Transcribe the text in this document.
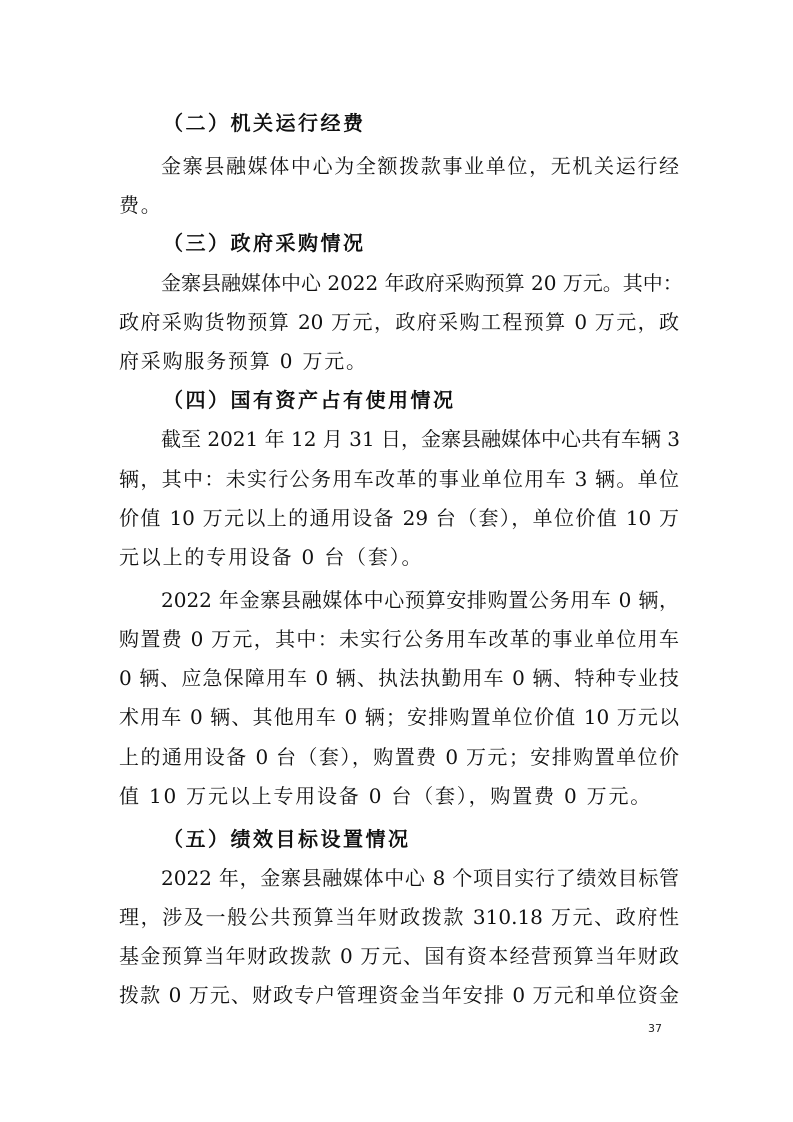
（二）机关运行经费
金寨县融媒体中心为全额拨款事业单位，无机关运行经
费。
（三）政府采购情况
金寨县融媒体中心 2022 年政府采购预算 20 万元。其中：
政府采购货物预算 20 万元，政府采购工程预算 0 万元，政
府采购服务预算 0 万元。
（四）国有资产占有使用情况
截至 2021 年 12 月 31 日，金寨县融媒体中心共有车辆 3
辆，其中：未实行公务用车改革的事业单位用车 3 辆。单位
价值 10 万元以上的通用设备 29 台（套），单位价值 10 万
元以上的专用设备 0 台（套）。
2022 年金寨县融媒体中心预算安排购置公务用车 0 辆，
购置费 0 万元，其中：未实行公务用车改革的事业单位用车
0 辆、应急保障用车 0 辆、执法执勤用车 0 辆、特种专业技
术用车 0 辆、其他用车 0 辆；安排购置单位价值 10 万元以
上的通用设备 0 台（套），购置费 0 万元；安排购置单位价
值 10 万元以上专用设备 0 台（套），购置费 0 万元。
（五）绩效目标设置情况
2022 年，金寨县融媒体中心 8 个项目实行了绩效目标管
理，涉及一般公共预算当年财政拨款 310.18 万元、政府性
基金预算当年财政拨款 0 万元、国有资本经营预算当年财政
拨款 0 万元、财政专户管理资金当年安排 0 万元和单位资金
37
